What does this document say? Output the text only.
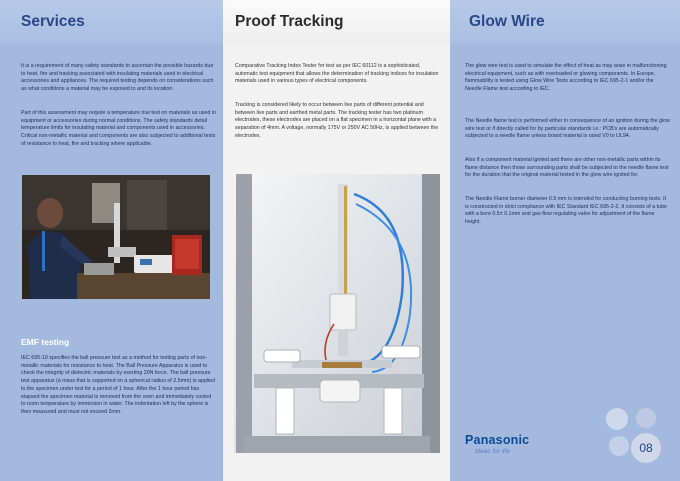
Services

It is a requirement of many safety standards to ascertain the possible hazards due to heat, fire and tracking associated with insulating materials used in electrical accessories and appliances. The required testing depends on considerations such as what conditions a material may be exposed to and its location.

Part of this assessment may require a temperature rise test on materials as used in equipment or accessories during normal conditions. The safety standards detail temperature limits for insulating material and components used in accessories. Critical non-metallic material and components are also subjected to additional tests of resistance to heat, fire and tracking where applicable.

EMF testing

IEC 695-10 specifies the ball pressure test as a method for testing parts of non-metallic materials for resistance to heat. The Ball Pressure Apparatus is used to check the integrity of dielectric materials by exerting 20N force. The ball pressure test apparatus (a mass that is supported on a spherical radius of 2.5mm) is applied to the specimen under test for a period of 1 hour. After the 1 hour period has elapsed the specimen material is removed from the oven and immediately cooled to room temperature by immersion in water. The indentation left by the sphere is then measured and must not exceed 2mm.

Proof Tracking

Comparative Tracking Index Tester for test as per IEC 60112 is a sophisticated, automatic test equipment that allows the determination of tracking indices for insulation materials used in various types of electrical components.

Tracking is considered likely to occur between live parts of different potential and between live parts and earthed metal parts. The tracking tester has two platinum electrodes, these electrodes are placed on a flat specimen in a horizontal plane with a separation of 4mm. A voltage, normally 175V or 250V AC 50Hz, is applied between the electrodes.

Glow Wire

The glow wire test is used to simulate the effect of heat as may arise in malfunctioning electrical equipment, such as with overloaded or glowing components. In Europe, flammability is tested using Glow Wire Tests according to IEC 695-2-1 and/or the Needle Flame test according to IEC.

The Needle flame test is performed either in consequence of an ignition during the glow wire test or if directly called for by particular standards i.e.: PCB's are automatically subjected to a needle flame unless board material is rated V0 to UL94.

Also if a component material ignited and there are other non-metallic parts within its flame distance then those surrounding parts shall be subjected to the needle flame test for the duration that the original material tested in the glow wire ignited for.

The Needle Flame burner diameter 0.5 mm is intended for conducting burning tests. It is constructed in strict compliance with IEC Standard IEC 695-2-2. It consists of a tube with a bore 0.5± 0.1mm and gas-flow regulating valve for adjustment of the flame height.

Panasonic

ideas for life	08
